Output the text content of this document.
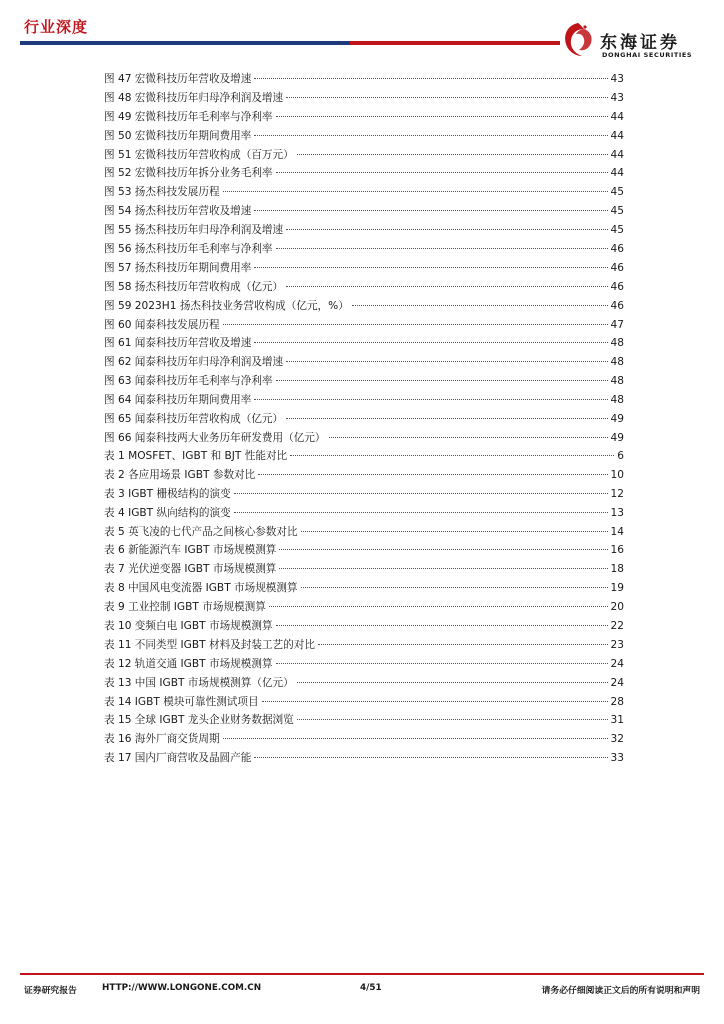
行业深度
东海证券
DONGHAI SECURITIES
图 47 宏微科技历年营收及增速	43
图 48 宏微科技历年归母净利润及增速	43
图 49 宏微科技历年毛利率与净利率	44
图 50 宏微科技历年期间费用率	44
图 51 宏微科技历年营收构成（百万元）	44
图 52 宏微科技历年拆分业务毛利率	44
图 53 扬杰科技发展历程	45
图 54 扬杰科技历年营收及增速	45
图 55 扬杰科技历年归母净利润及增速	45
图 56 扬杰科技历年毛利率与净利率	46
图 57 扬杰科技历年期间费用率	46
图 58 扬杰科技历年营收构成（亿元）	46
图 59 2023H1 扬杰科技业务营收构成（亿元，%）	46
图 60 闻泰科技发展历程	47
图 61 闻泰科技历年营收及增速	48
图 62 闻泰科技历年归母净利润及增速	48
图 63 闻泰科技历年毛利率与净利率	48
图 64 闻泰科技历年期间费用率	48
图 65 闻泰科技历年营收构成（亿元）	49
图 66 闻泰科技两大业务历年研发费用（亿元）	49
表 1 MOSFET、IGBT 和 BJT 性能对比	6
表 2 各应用场景 IGBT 参数对比	10
表 3 IGBT 栅极结构的演变	12
表 4 IGBT 纵向结构的演变	13
表 5 英飞凌的七代产品之间核心参数对比	14
表 6 新能源汽车 IGBT 市场规模测算	16
表 7 光伏逆变器 IGBT 市场规模测算	18
表 8 中国风电变流器 IGBT 市场规模测算	19
表 9 工业控制 IGBT 市场规模测算	20
表 10 变频白电 IGBT 市场规模测算	22
表 11 不同类型 IGBT 材料及封装工艺的对比	23
表 12 轨道交通 IGBT 市场规模测算	24
表 13 中国 IGBT 市场规模测算（亿元）	24
表 14 IGBT 模块可靠性测试项目	28
表 15 全球 IGBT 龙头企业财务数据浏览	31
表 16 海外厂商交货周期	32
表 17 国内厂商营收及晶圆产能	33
证券研究报告	HTTP://WWW.LONGONE.COM.CN	4/51	请务必仔细阅读正文后的所有说明和声明
